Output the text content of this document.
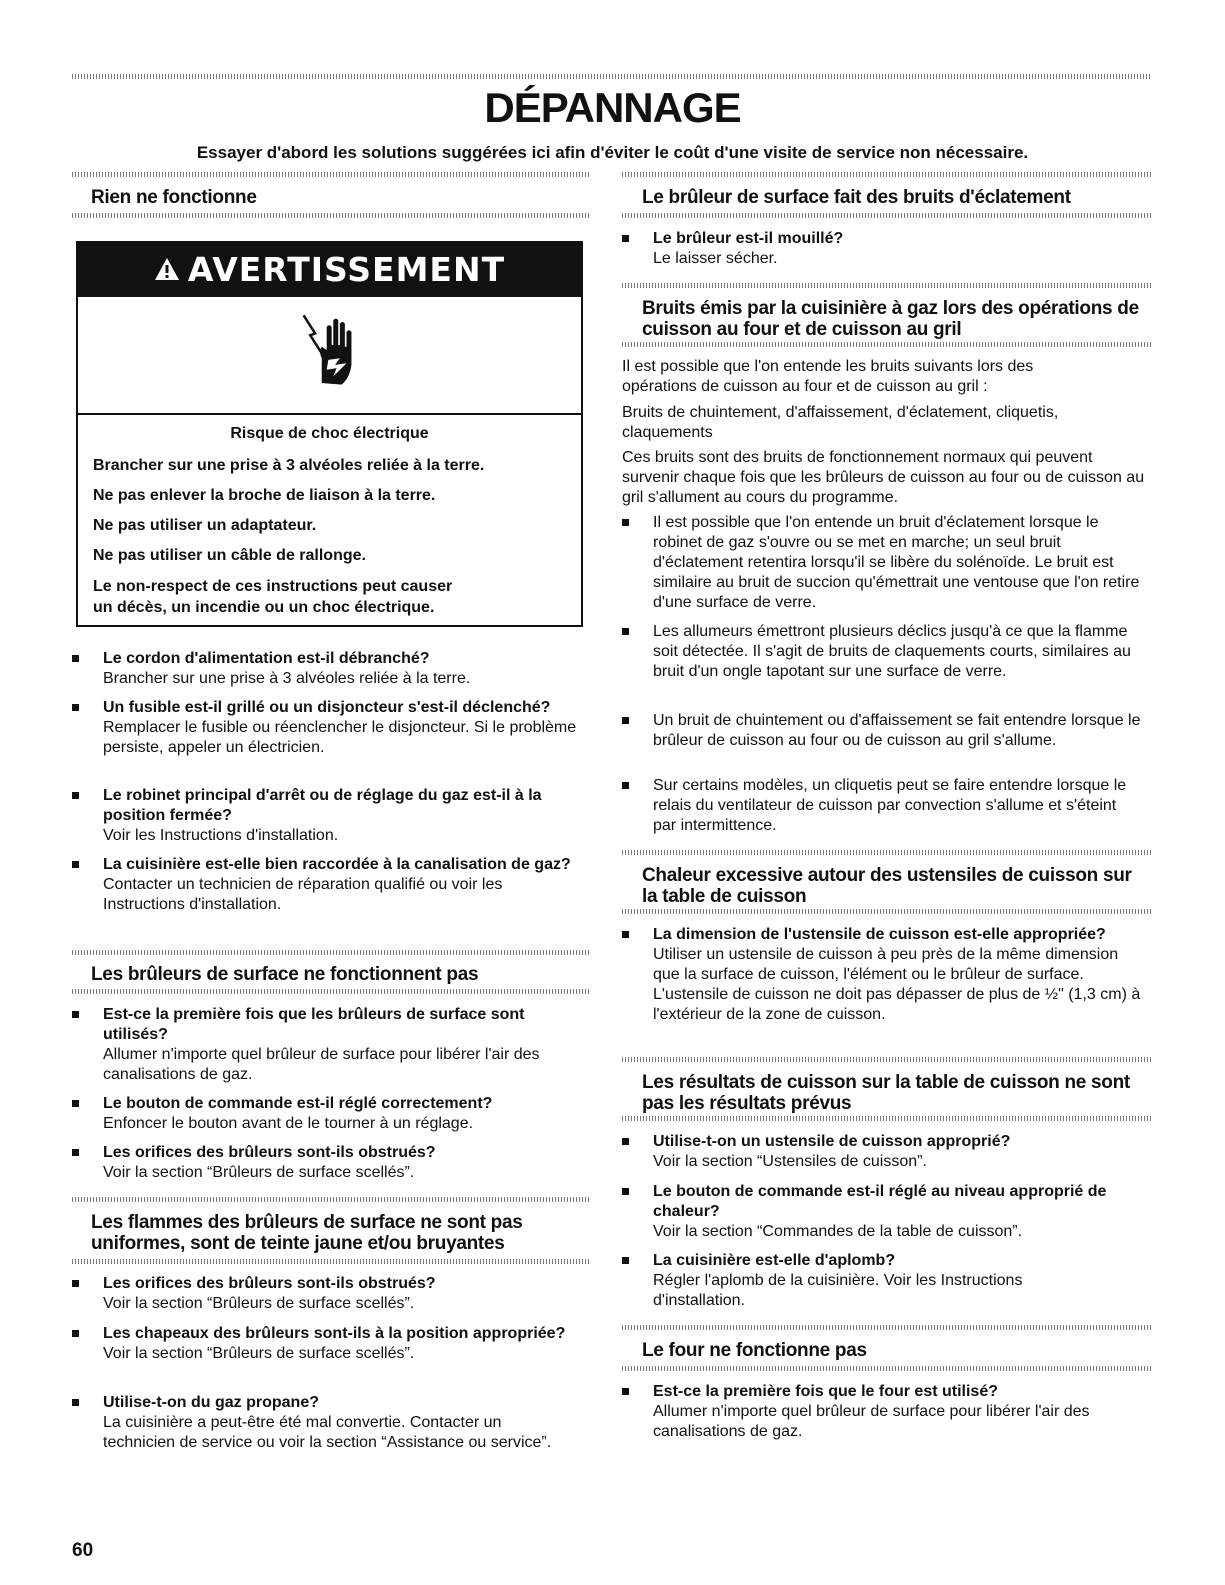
DÉPANNAGE
Essayer d'abord les solutions suggérées ici afin d'éviter le coût d'une visite de service non nécessaire.
Rien ne fonctionne
AVERTISSEMENT
Risque de choc électrique
Brancher sur une prise à 3 alvéoles reliée à la terre.
Ne pas enlever la broche de liaison à la terre.
Ne pas utiliser un adaptateur.
Ne pas utiliser un câble de rallonge.
Le non-respect de ces instructions peut causer
un décès, un incendie ou un choc électrique.
Le cordon d'alimentation est-il débranché?
Brancher sur une prise à 3 alvéoles reliée à la terre.
Un fusible est-il grillé ou un disjoncteur s'est-il déclenché?
Remplacer le fusible ou réenclencher le disjoncteur. Si le problème persiste, appeler un électricien.
Le robinet principal d'arrêt ou de réglage du gaz est-il à la position fermée?
Voir les Instructions d'installation.
La cuisinière est-elle bien raccordée à la canalisation de gaz?
Contacter un technicien de réparation qualifié ou voir les Instructions d'installation.
Les brûleurs de surface ne fonctionnent pas
Est-ce la première fois que les brûleurs de surface sont utilisés?
Allumer n'importe quel brûleur de surface pour libérer l'air des canalisations de gaz.
Le bouton de commande est-il réglé correctement?
Enfoncer le bouton avant de le tourner à un réglage.
Les orifices des brûleurs sont-ils obstrués?
Voir la section “Brûleurs de surface scellés”.
Les flammes des brûleurs de surface ne sont pas
uniformes, sont de teinte jaune et/ou bruyantes
Les orifices des brûleurs sont-ils obstrués?
Voir la section “Brûleurs de surface scellés”.
Les chapeaux des brûleurs sont-ils à la position appropriée?
Voir la section “Brûleurs de surface scellés”.
Utilise-t-on du gaz propane?
La cuisinière a peut-être été mal convertie. Contacter un technicien de service ou voir la section “Assistance ou service”.
60
Le brûleur de surface fait des bruits d'éclatement
Le brûleur est-il mouillé?
Le laisser sécher.
Bruits émis par la cuisinière à gaz lors des opérations de
cuisson au four et de cuisson au gril
Il est possible que l'on entende les bruits suivants lors des opérations de cuisson au four et de cuisson au gril :
Bruits de chuintement, d'affaissement, d'éclatement, cliquetis, claquements
Ces bruits sont des bruits de fonctionnement normaux qui peuvent survenir chaque fois que les brûleurs de cuisson au four ou de cuisson au gril s'allument au cours du programme.
Il est possible que l'on entende un bruit d'éclatement lorsque le robinet de gaz s'ouvre ou se met en marche; un seul bruit d'éclatement retentira lorsqu'il se libère du solénoïde. Le bruit est similaire au bruit de succion qu'émettrait une ventouse que l'on retire d'une surface de verre.
Les allumeurs émettront plusieurs déclics jusqu'à ce que la flamme soit détectée. Il s'agit de bruits de claquements courts, similaires au bruit d'un ongle tapotant sur une surface de verre.
Un bruit de chuintement ou d'affaissement se fait entendre lorsque le brûleur de cuisson au four ou de cuisson au gril s'allume.
Sur certains modèles, un cliquetis peut se faire entendre lorsque le relais du ventilateur de cuisson par convection s'allume et s'éteint par intermittence.
Chaleur excessive autour des ustensiles de cuisson sur
la table de cuisson
La dimension de l'ustensile de cuisson est-elle appropriée?
Utiliser un ustensile de cuisson à peu près de la même dimension que la surface de cuisson, l'élément ou le brûleur de surface. L'ustensile de cuisson ne doit pas dépasser de plus de ½" (1,3 cm) à l'extérieur de la zone de cuisson.
Les résultats de cuisson sur la table de cuisson ne sont
pas les résultats prévus
Utilise-t-on un ustensile de cuisson approprié?
Voir la section “Ustensiles de cuisson”.
Le bouton de commande est-il réglé au niveau approprié de chaleur?
Voir la section “Commandes de la table de cuisson”.
La cuisinière est-elle d'aplomb?
Régler l'aplomb de la cuisinière. Voir les Instructions d'installation.
Le four ne fonctionne pas
Est-ce la première fois que le four est utilisé?
Allumer n'importe quel brûleur de surface pour libérer l'air des canalisations de gaz.
